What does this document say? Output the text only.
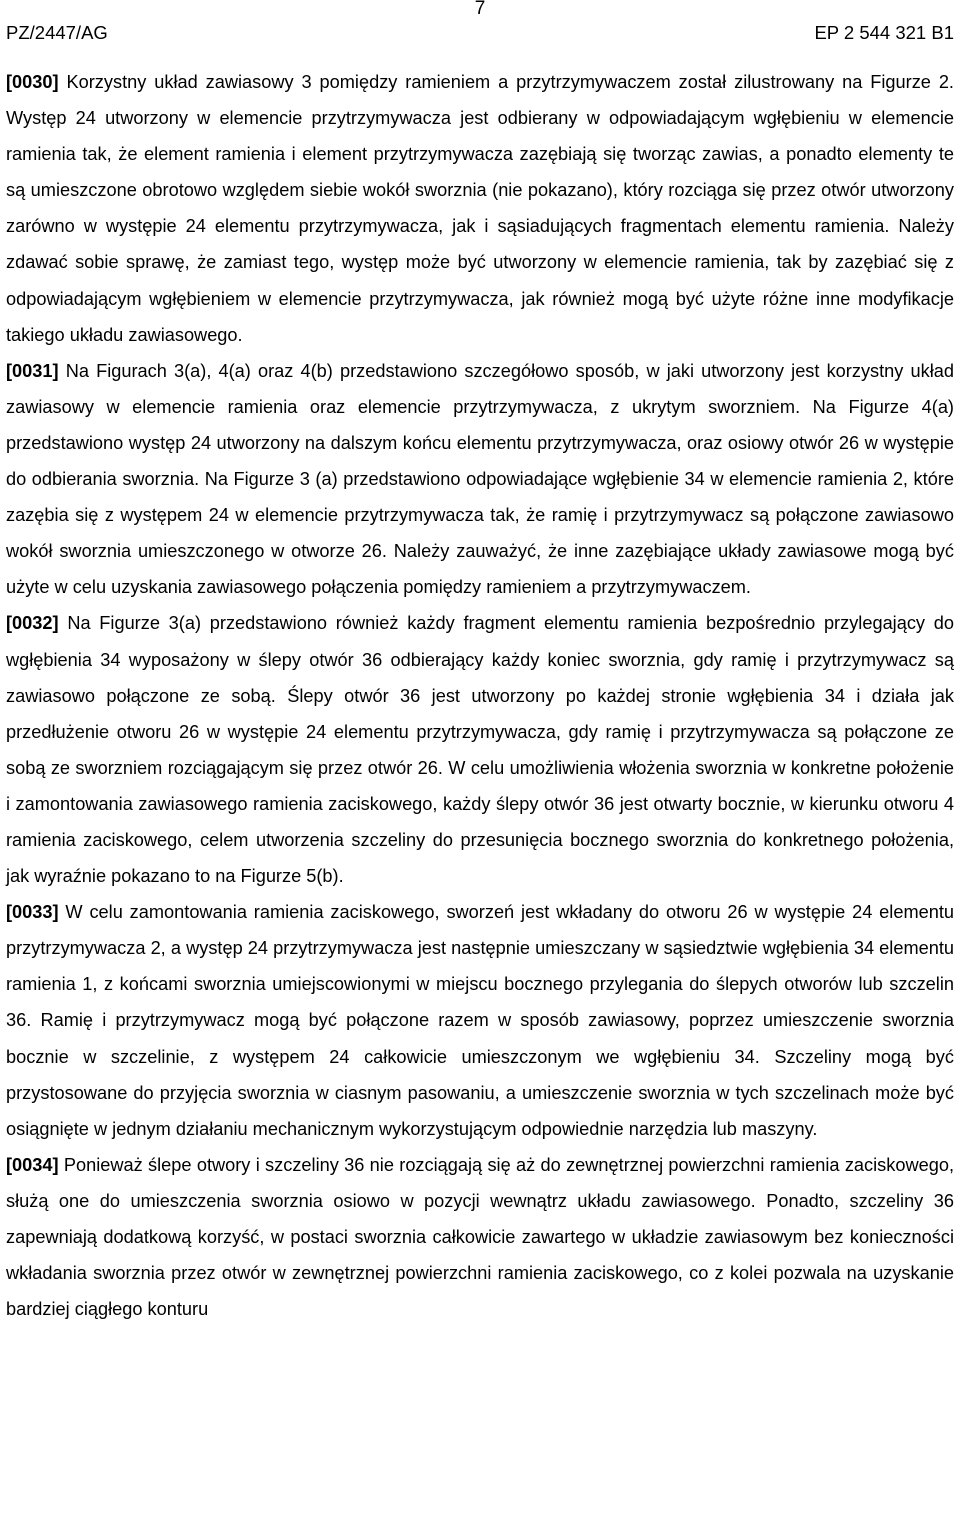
7
PZ/2447/AG	EP 2 544 321 B1

[0030] Korzystny układ zawiasowy 3 pomiędzy ramieniem a przytrzymywaczem został zilustrowany na Figurze 2. Występ 24 utworzony w elemencie przytrzymywacza jest odbierany w odpowiadającym wgłębieniu w elemencie ramienia tak, że element ramienia i element przytrzymywacza zazębiają się tworząc zawias, a ponadto elementy te są umieszczone obrotowo względem siebie wokół sworznia (nie pokazano), który rozciąga się przez otwór utworzony zarówno w występie 24 elementu przytrzymywacza, jak i sąsiadujących fragmentach elementu ramienia. Należy zdawać sobie sprawę, że zamiast tego, występ może być utworzony w elemencie ramienia, tak by zazębiać się z odpowiadającym wgłębieniem w elemencie przytrzymywacza, jak również mogą być użyte różne inne modyfikacje takiego układu zawiasowego.

[0031] Na Figurach 3(a), 4(a) oraz 4(b) przedstawiono szczegółowo sposób, w jaki utworzony jest korzystny układ zawiasowy w elemencie ramienia oraz elemencie przytrzymywacza, z ukrytym sworzniem. Na Figurze 4(a) przedstawiono występ 24 utworzony na dalszym końcu elementu przytrzymywacza, oraz osiowy otwór 26 w występie do odbierania sworznia. Na Figurze 3 (a) przedstawiono odpowiadające wgłębienie 34 w elemencie ramienia 2, które zazębia się z występem 24 w elemencie przytrzymywacza tak, że ramię i przytrzymywacz są połączone zawiasowo wokół sworznia umieszczonego w otworze 26. Należy zauważyć, że inne zazębiające układy zawiasowe mogą być użyte w celu uzyskania zawiasowego połączenia pomiędzy ramieniem a przytrzymywaczem.

[0032] Na Figurze 3(a) przedstawiono również każdy fragment elementu ramienia bezpośrednio przylegający do wgłębienia 34 wyposażony w ślepy otwór 36 odbierający każdy koniec sworznia, gdy ramię i przytrzymywacz są zawiasowo połączone ze sobą. Ślepy otwór 36 jest utworzony po każdej stronie wgłębienia 34 i działa jak przedłużenie otworu 26 w występie 24 elementu przytrzymywacza, gdy ramię i przytrzymywacza są połączone ze sobą ze sworzniem rozciągającym się przez otwór 26. W celu umożliwienia włożenia sworznia w konkretne położenie i zamontowania zawiasowego ramienia zaciskowego, każdy ślepy otwór 36 jest otwarty bocznie, w kierunku otworu 4 ramienia zaciskowego, celem utworzenia szczeliny do przesunięcia bocznego sworznia do konkretnego położenia, jak wyraźnie pokazano to na Figurze 5(b).

[0033] W celu zamontowania ramienia zaciskowego, sworzeń jest wkładany do otworu 26 w występie 24 elementu przytrzymywacza 2, a występ 24 przytrzymywacza jest następnie umieszczany w sąsiedztwie wgłębienia 34 elementu ramienia 1, z końcami sworznia umiejscowionymi w miejscu bocznego przylegania do ślepych otworów lub szczelin 36. Ramię i przytrzymywacz mogą być połączone razem w sposób zawiasowy, poprzez umieszczenie sworznia bocznie w szczelinie, z występem 24 całkowicie umieszczonym we wgłębieniu 34. Szczeliny mogą być przystosowane do przyjęcia sworznia w ciasnym pasowaniu, a umieszczenie sworznia w tych szczelinach może być osiągnięte w jednym działaniu mechanicznym wykorzystującym odpowiednie narzędzia lub maszyny.

[0034] Ponieważ ślepe otwory i szczeliny 36 nie rozciągają się aż do zewnętrznej powierzchni ramienia zaciskowego, służą one do umieszczenia sworznia osiowo w pozycji wewnątrz układu zawiasowego. Ponadto, szczeliny 36 zapewniają dodatkową korzyść, w postaci sworznia całkowicie zawartego w układzie zawiasowym bez konieczności wkładania sworznia przez otwór w zewnętrznej powierzchni ramienia zaciskowego, co z kolei pozwala na uzyskanie bardziej ciągłego konturu
